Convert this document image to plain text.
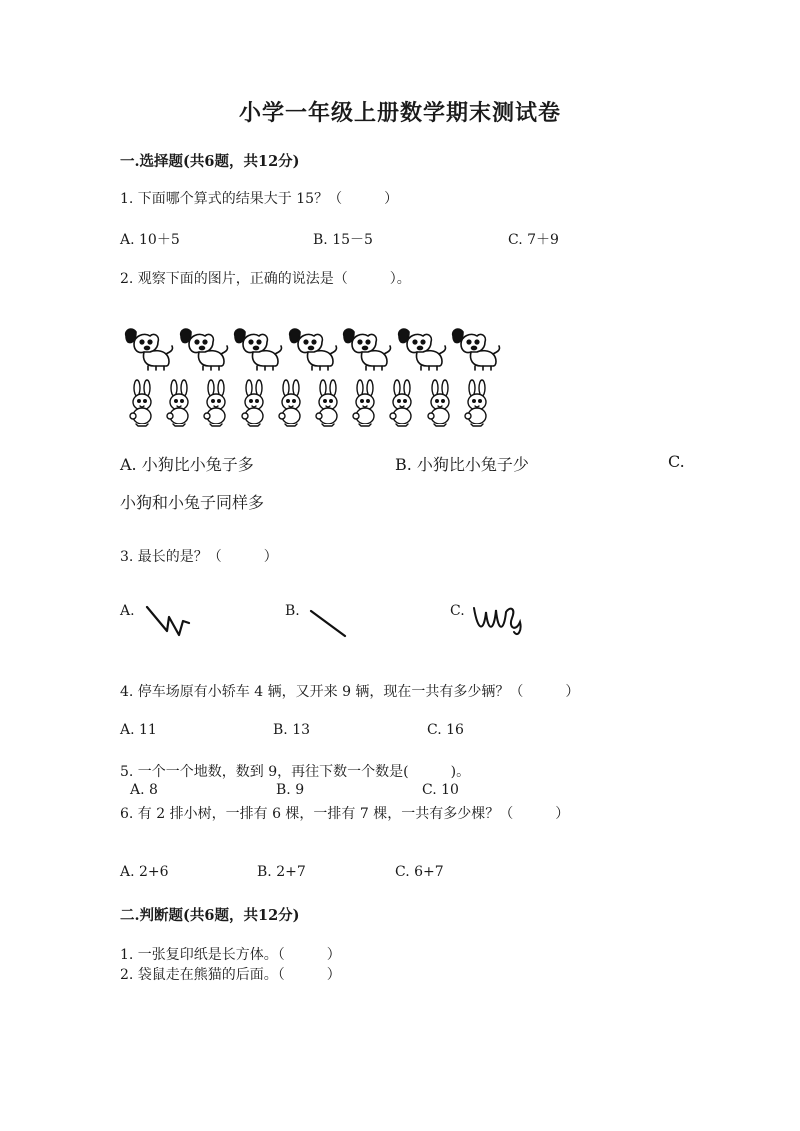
小学一年级上册数学期末测试卷
一.选择题(共6题，共12分)
1. 下面哪个算式的结果大于 15？（　　　）
A. 10＋5	B. 15－5	C. 7＋9
2. 观察下面的图片，正确的说法是（　　　）。
A. 小狗比小兔子多	B. 小狗比小兔子少	C.
小狗和小兔子同样多
3. 最长的是？（　　　）
A.	B.	C.
4. 停车场原有小轿车 4 辆，又开来 9 辆，现在一共有多少辆？（　　　）
A. 11	B. 13	C. 16
5. 一个一个地数，数到 9，再往下数一个数是(　　　)。
A. 8	B. 9	C. 10
6. 有 2 排小树，一排有 6 棵，一排有 7 棵，一共有多少棵？（　　　）
A. 2+6	B. 2+7	C. 6+7
二.判断题(共6题，共12分)
1. 一张复印纸是长方体。（　　　）
2. 袋鼠走在熊猫的后面。（　　　）
